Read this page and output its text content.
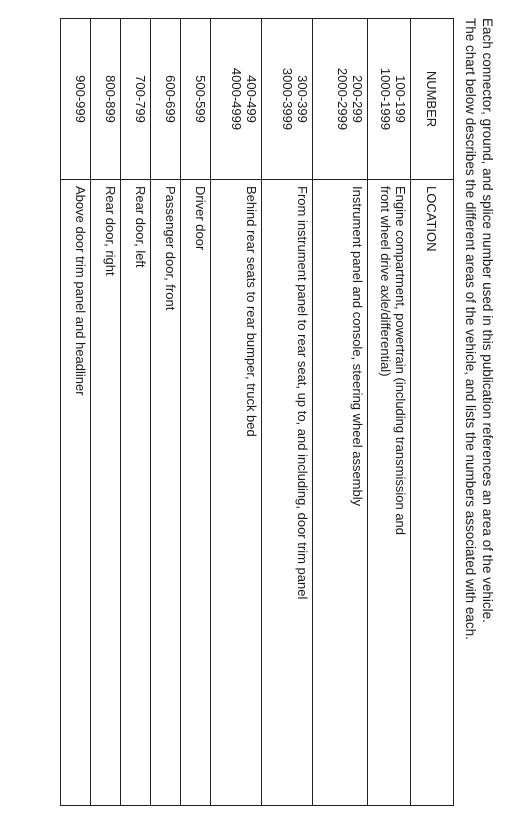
Each connector, ground, and splice number used in this publication references an area of the vehicle.

The chart below describes the different areas of the vehicle, and lists the numbers associated with each.

NUMBER	LOCATION

100-199
1000-1999	Engine compartment, powertrain (including transmission and
front wheel drive axle/differential)

200-299
2000-2999	Instrument panel and console, steering wheel assembly

300-399
3000-3999	From instrument panel to rear seat, up to, and including, door trim panel

400-499
4000-4999	Behind rear seats to rear bumper, truck bed

500-599	Driver door

600-699	Passenger door, front

700-799	Rear door, left

800-899	Rear door, right

900-999	Above door trim panel and headliner
